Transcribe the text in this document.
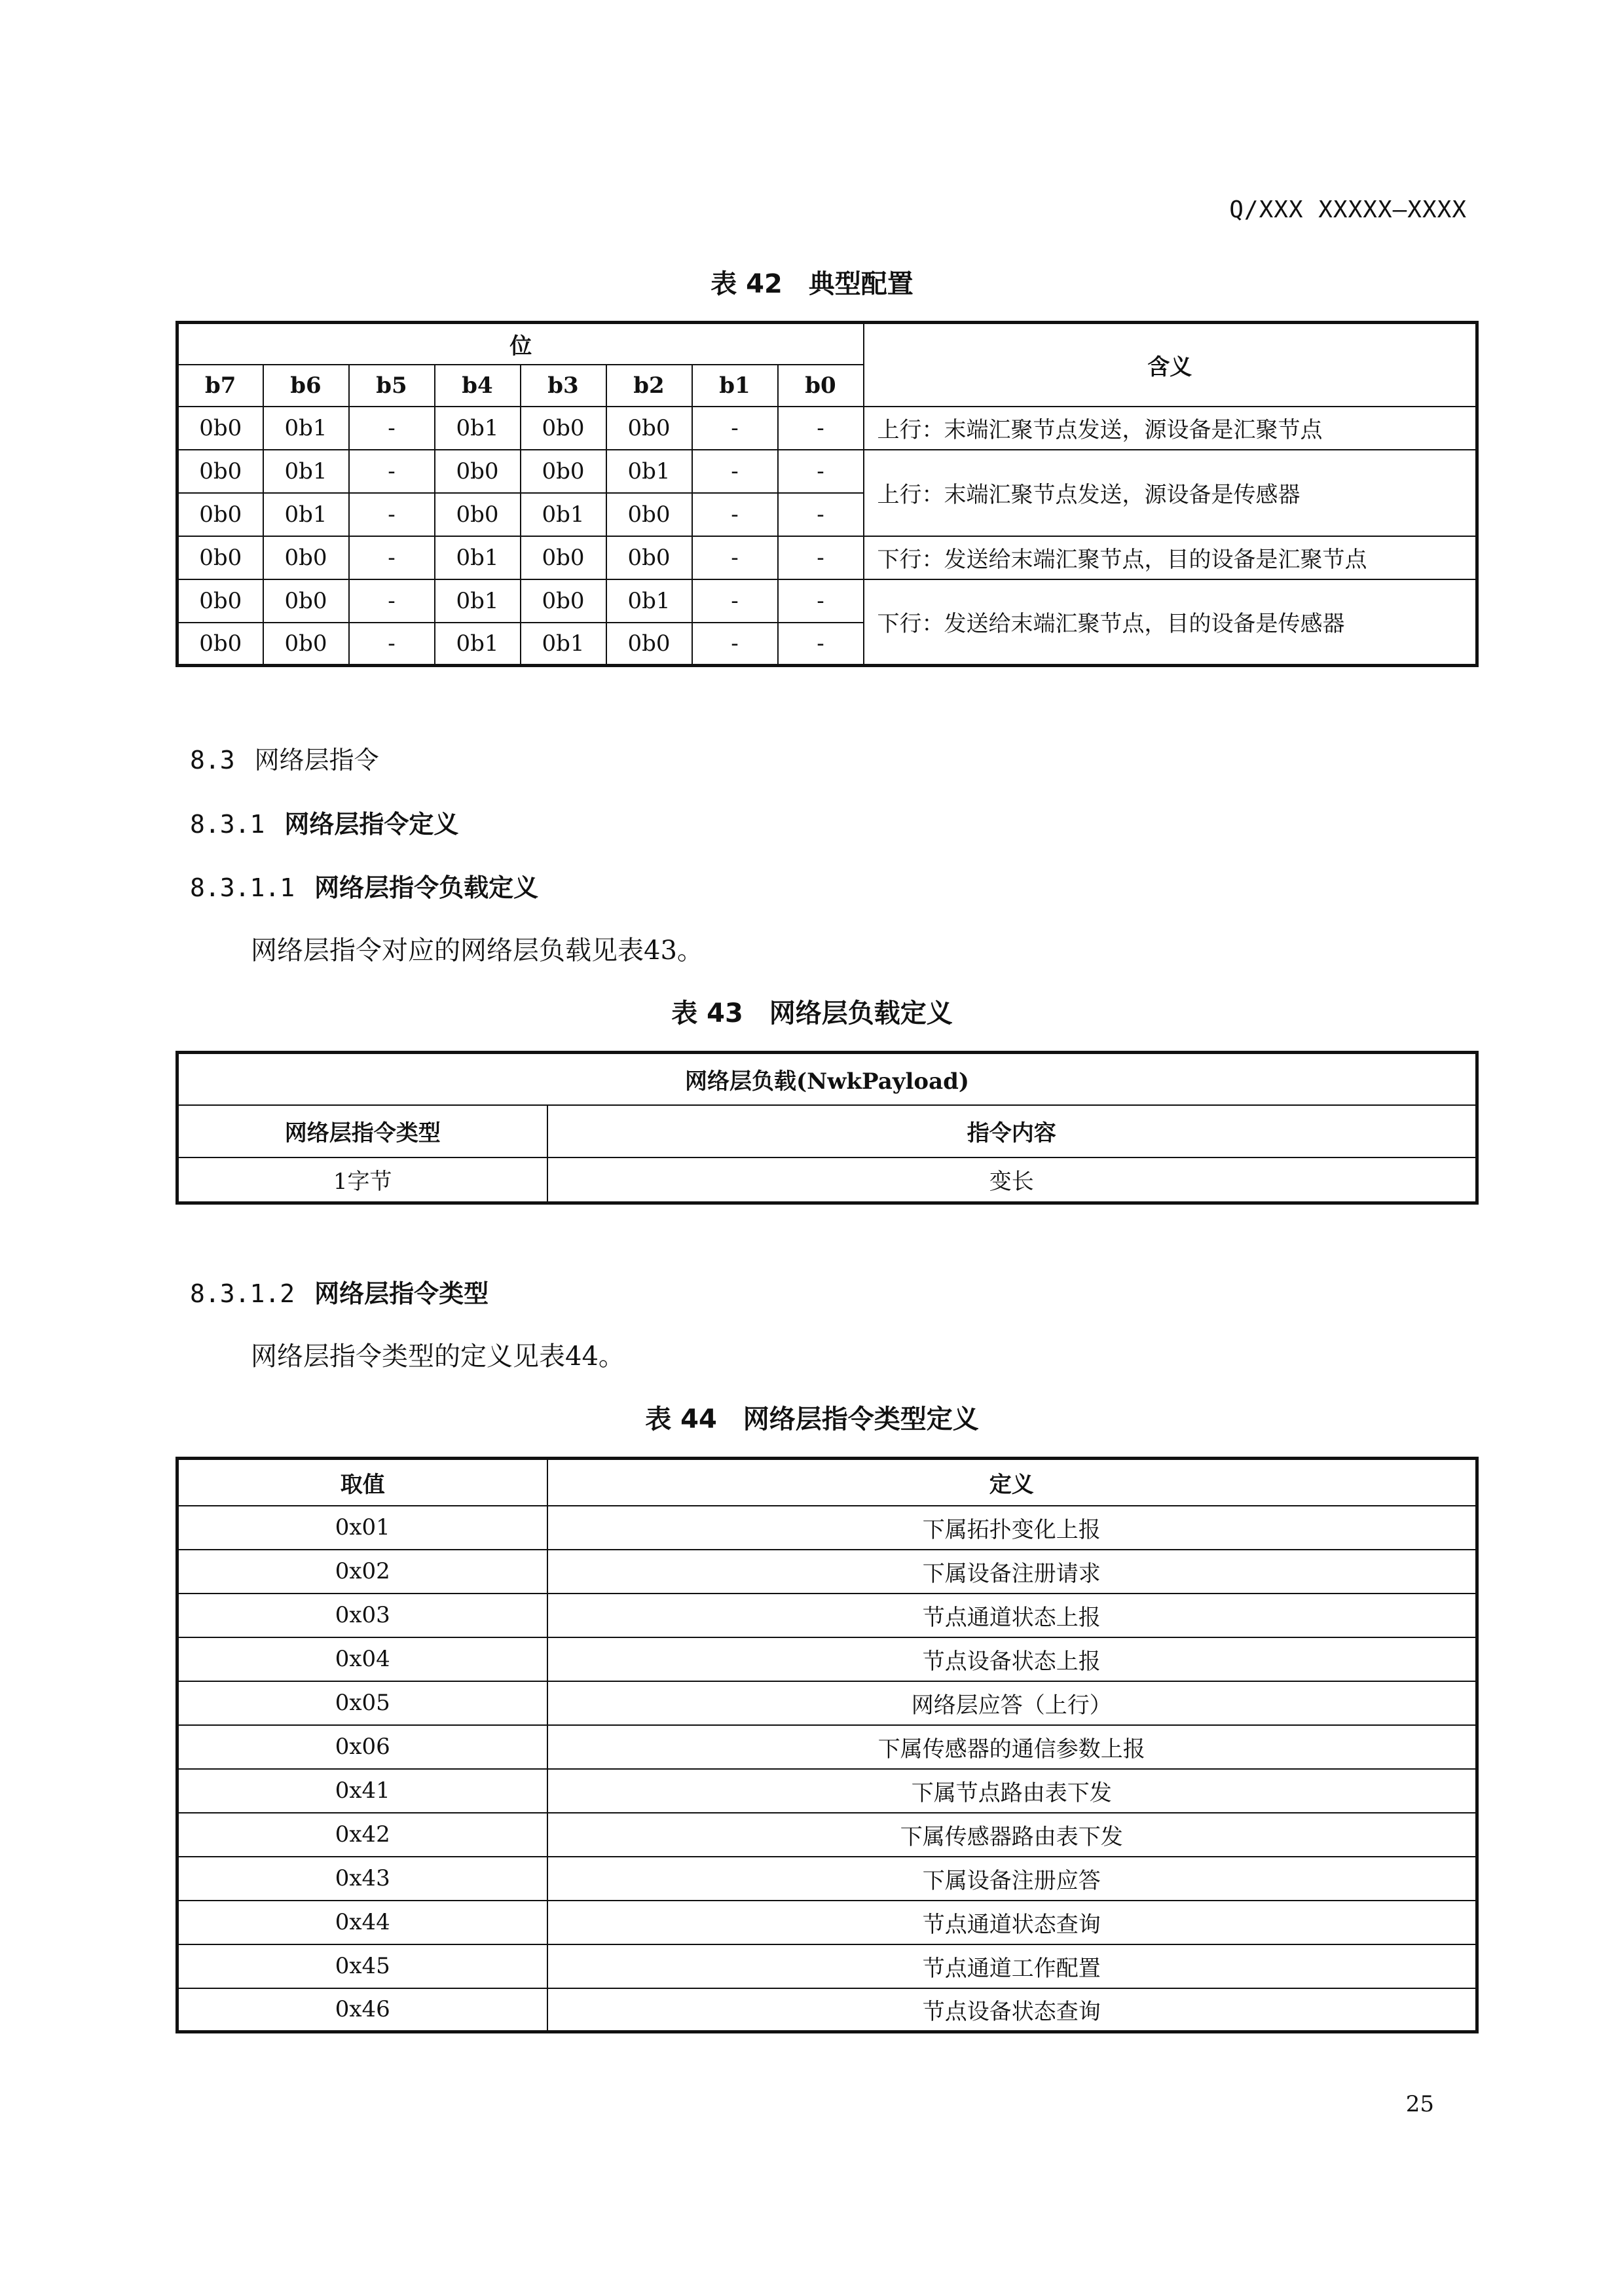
Q/XXX XXXXX—XXXX
表 42 典型配置
位								含义
b7	b6	b5	b4	b3	b2	b1	b0	
0b0	0b1	-	0b1	0b0	0b0	-	-	上行：末端汇聚节点发送，源设备是汇聚节点
0b0	0b1	-	0b0	0b0	0b1	-	-	上行：末端汇聚节点发送，源设备是传感器
0b0	0b1	-	0b0	0b1	0b0	-	-	
0b0	0b0	-	0b1	0b0	0b0	-	-	下行：发送给末端汇聚节点，目的设备是汇聚节点
0b0	0b0	-	0b1	0b0	0b1	-	-	下行：发送给末端汇聚节点，目的设备是传感器
0b0	0b0	-	0b1	0b1	0b0	-	-	
8.3 网络层指令
8.3.1 网络层指令定义
8.3.1.1 网络层指令负载定义
网络层指令对应的网络层负载见表43。
表 43 网络层负载定义
网络层负载(NwkPayload)	
网络层指令类型	指令内容
1字节	变长
8.3.1.2 网络层指令类型
网络层指令类型的定义见表44。
表 44 网络层指令类型定义
取值	定义
0x01	下属拓扑变化上报
0x02	下属设备注册请求
0x03	节点通道状态上报
0x04	节点设备状态上报
0x05	网络层应答（上行）
0x06	下属传感器的通信参数上报
0x41	下属节点路由表下发
0x42	下属传感器路由表下发
0x43	下属设备注册应答
0x44	节点通道状态查询
0x45	节点通道工作配置
0x46	节点设备状态查询
25
